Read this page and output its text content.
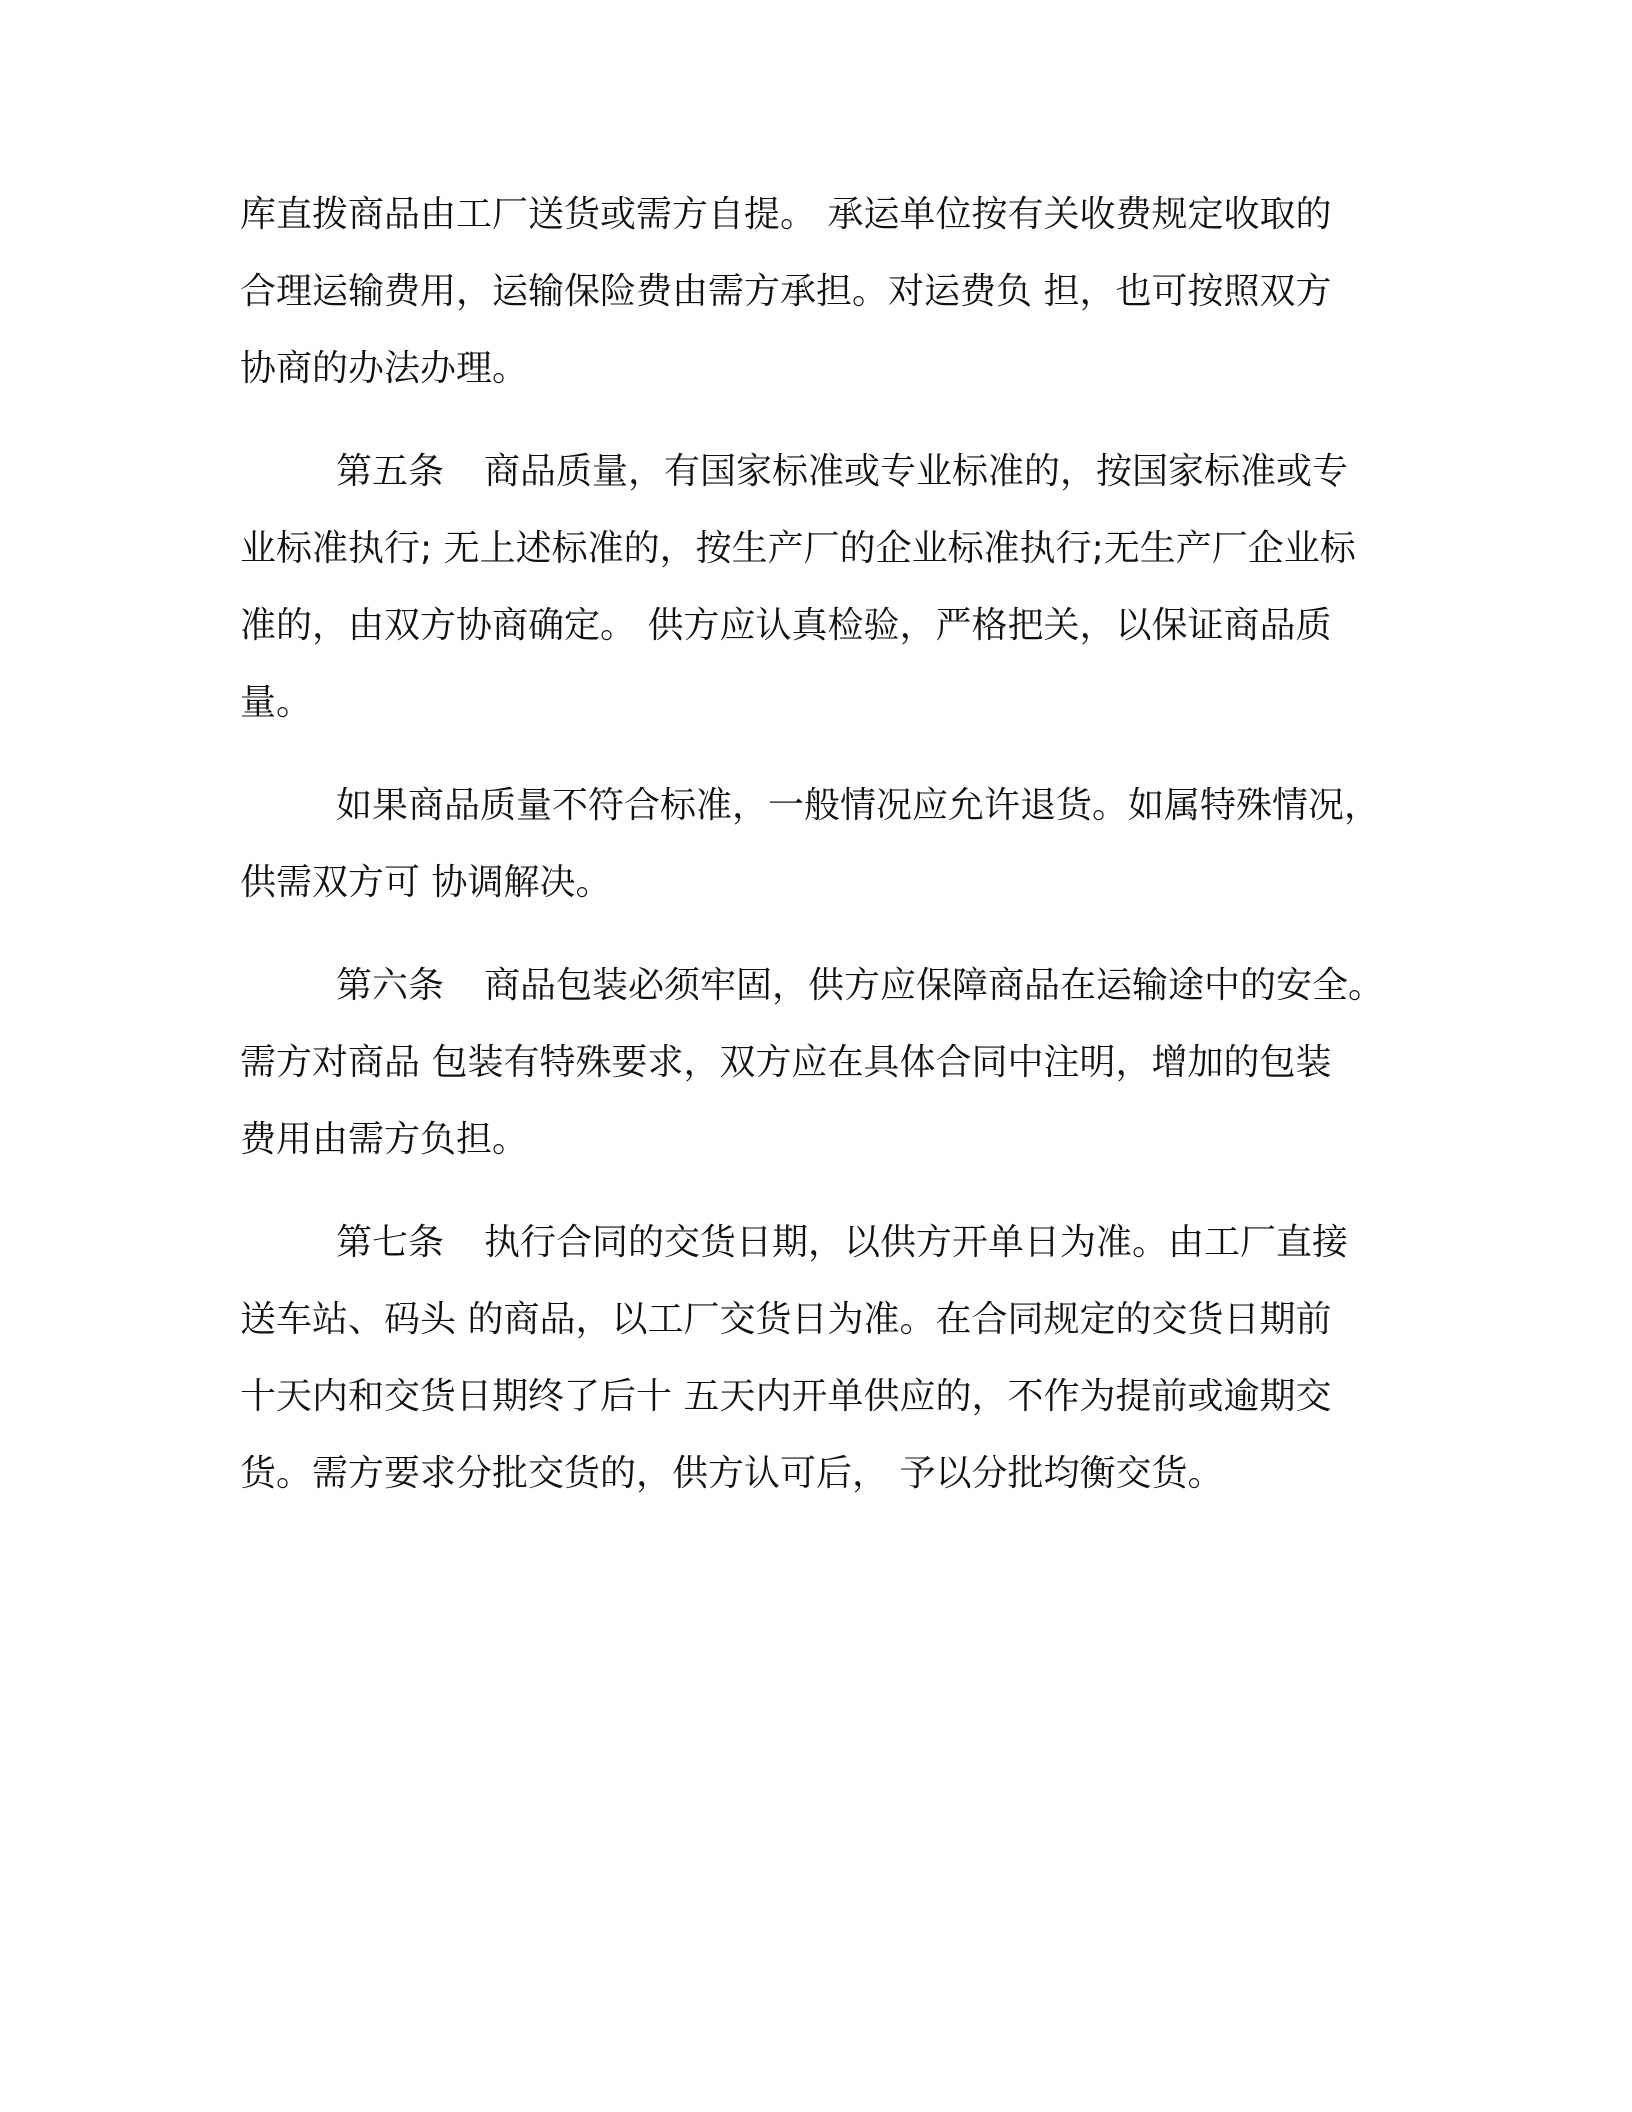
库直拨商品由工厂送货或需方自提。 承运单位按有关收费规定收取的
合理运输费用，运输保险费由需方承担。对运费负 担，也可按照双方
协商的办法办理。
第五条 商品质量，有国家标准或专业标准的，按国家标准或专
业标准执行; 无上述标准的，按生产厂的企业标准执行;无生产厂企业标
准的，由双方协商确定。 供方应认真检验，严格把关，以保证商品质
量。
如果商品质量不符合标准，一般情况应允许退货。如属特殊情况，
供需双方可 协调解决。
第六条 商品包装必须牢固，供方应保障商品在运输途中的安全。
需方对商品 包装有特殊要求，双方应在具体合同中注明，增加的包装
费用由需方负担。
第七条 执行合同的交货日期，以供方开单日为准。由工厂直接
送车站、码头 的商品，以工厂交货日为准。在合同规定的交货日期前
十天内和交货日期终了后十 五天内开单供应的，不作为提前或逾期交
货。需方要求分批交货的，供方认可后， 予以分批均衡交货。
